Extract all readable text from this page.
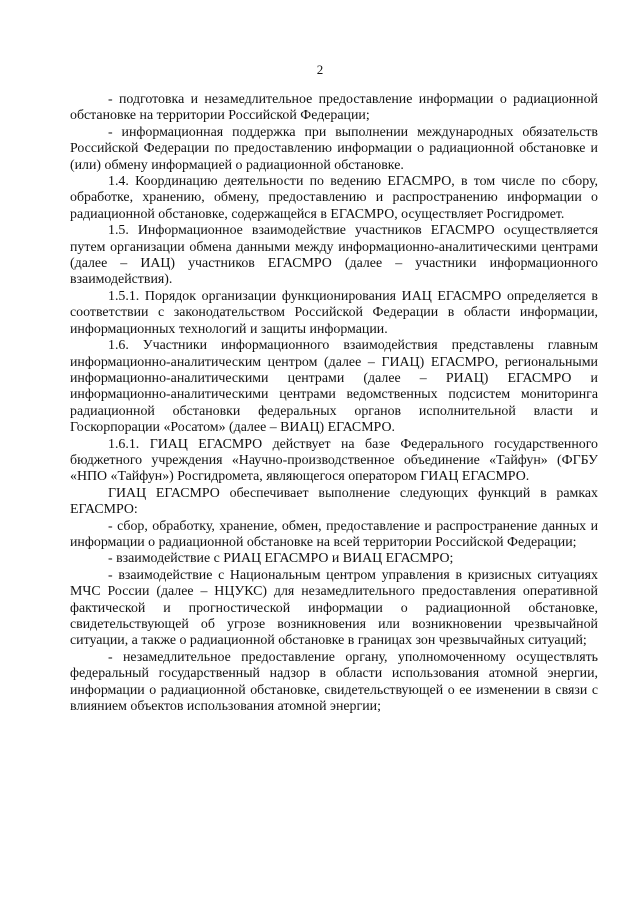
2

- подготовка и незамедлительное предоставление информации о радиационной обстановке на территории Российской Федерации;

- информационная поддержка при выполнении международных обязательств Российской Федерации по предоставлению информации о радиационной обстановке и (или) обмену информацией о радиационной обстановке.

1.4. Координацию деятельности по ведению ЕГАСМРО, в том числе по сбору, обработке, хранению, обмену, предоставлению и распространению информации о радиационной обстановке, содержащейся в ЕГАСМРО, осуществляет Росгидромет.

1.5. Информационное взаимодействие участников ЕГАСМРО осуществляется путем организации обмена данными между информационно-аналитическими центрами (далее – ИАЦ) участников ЕГАСМРО (далее – участники информационного взаимодействия).

1.5.1. Порядок организации функционирования ИАЦ ЕГАСМРО определяется в соответствии с законодательством Российской Федерации в области информации, информационных технологий и защиты информации.

1.6. Участники информационного взаимодействия представлены главным информационно-аналитическим центром (далее – ГИАЦ) ЕГАСМРО, региональными информационно-аналитическими центрами (далее – РИАЦ) ЕГАСМРО и информационно-аналитическими центрами ведомственных подсистем мониторинга радиационной обстановки федеральных органов исполнительной власти и Госкорпорации «Росатом» (далее – ВИАЦ) ЕГАСМРО.

1.6.1. ГИАЦ ЕГАСМРО действует на базе Федерального государственного бюджетного учреждения «Научно-производственное объединение «Тайфун» (ФГБУ «НПО «Тайфун») Росгидромета, являющегося оператором ГИАЦ ЕГАСМРО.

ГИАЦ ЕГАСМРО обеспечивает выполнение следующих функций в рамках ЕГАСМРО:

- сбор, обработку, хранение, обмен, предоставление и распространение данных и информации о радиационной обстановке на всей территории Российской Федерации;

- взаимодействие с РИАЦ ЕГАСМРО и ВИАЦ ЕГАСМРО;

- взаимодействие с Национальным центром управления в кризисных ситуациях МЧС России (далее – НЦУКС) для незамедлительного предоставления оперативной фактической и прогностической информации о радиационной обстановке, свидетельствующей об угрозе возникновения или возникновении чрезвычайной ситуации, а также о радиационной обстановке в границах зон чрезвычайных ситуаций;

- незамедлительное предоставление органу, уполномоченному осуществлять федеральный государственный надзор в области использования атомной энергии, информации о радиационной обстановке, свидетельствующей о ее изменении в связи с влиянием объектов использования атомной энергии;
